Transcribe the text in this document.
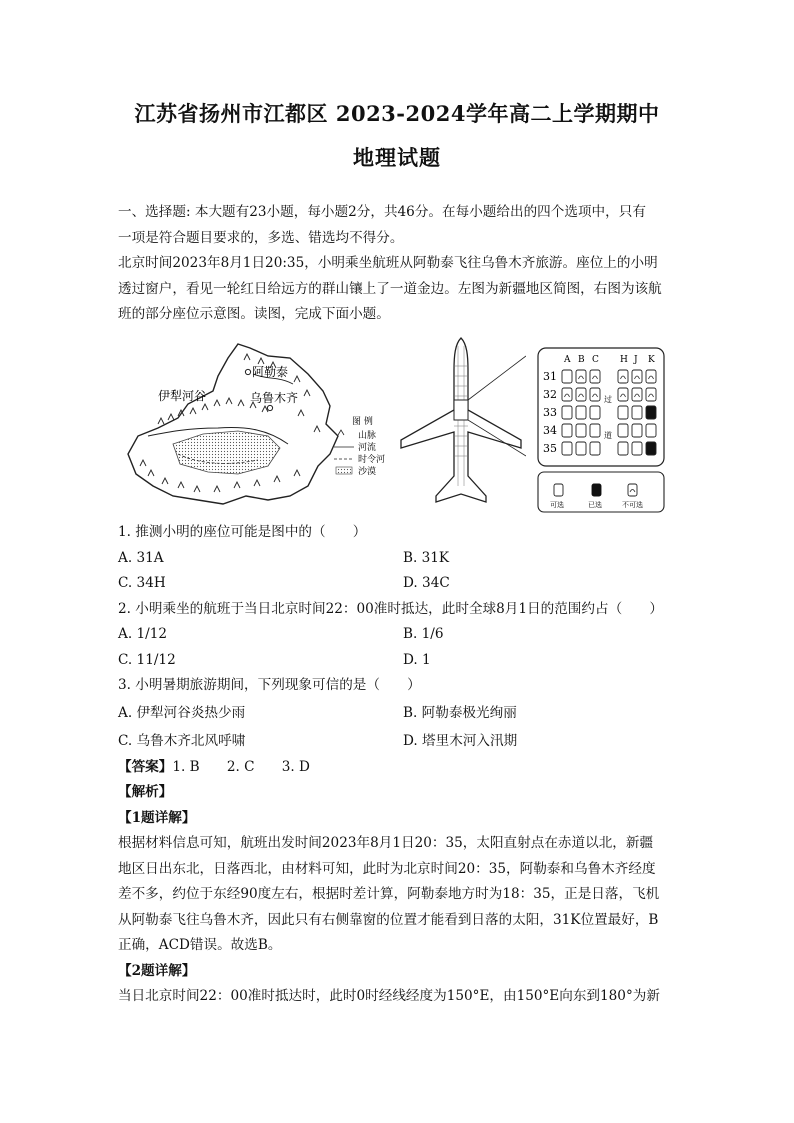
江苏省扬州市江都区 2023-2024学年高二上学期期中
地理试题

一、选择题: 本大题有23小题，每小题2分，共46分。在每小题给出的四个选项中，只有

一项是符合题目要求的，多选、错选均不得分。

北京时间2023年8月1日20:35，小明乘坐航班从阿勒泰飞往乌鲁木齐旅游。座位上的小明

透过窗户，看见一轮红日给远方的群山镶上了一道金边。左图为新疆地区简图，右图为该航

班的部分座位示意图。读图，完成下面小题。

阿勒泰
伊犁河谷	乌鲁木齐
图 例
山脉
河流
时令河
沙漠
A B C H J K
31
32
33
34
35
过
道
可选	已选	不可选

1. 推测小明的座位可能是图中的（　　）

A. 31A	B. 31K

C. 34H	D. 34C

2. 小明乘坐的航班于当日北京时间22：00准时抵达，此时全球8月1日的范围约占（　　）

A. 1/12	B. 1/6

C. 11/12	D. 1

3. 小明暑期旅游期间，下列现象可信的是（　　）

A. 伊犁河谷炎热少雨	B. 阿勒泰极光绚丽

C. 乌鲁木齐北风呼啸	D. 塔里木河入汛期

【答案】1. B　　2. C　　3. D

【解析】

【1题详解】

根据材料信息可知，航班出发时间2023年8月1日20：35，太阳直射点在赤道以北，新疆

地区日出东北，日落西北，由材料可知，此时为北京时间20：35，阿勒泰和乌鲁木齐经度

差不多，约位于东经90度左右，根据时差计算，阿勒泰地方时为18：35，正是日落，飞机

从阿勒泰飞往乌鲁木齐，因此只有右侧靠窗的位置才能看到日落的太阳，31K位置最好，B

正确，ACD错误。故选B。

【2题详解】

当日北京时间22：00准时抵达时，此时0时经线经度为150°E，由150°E向东到180°为新
